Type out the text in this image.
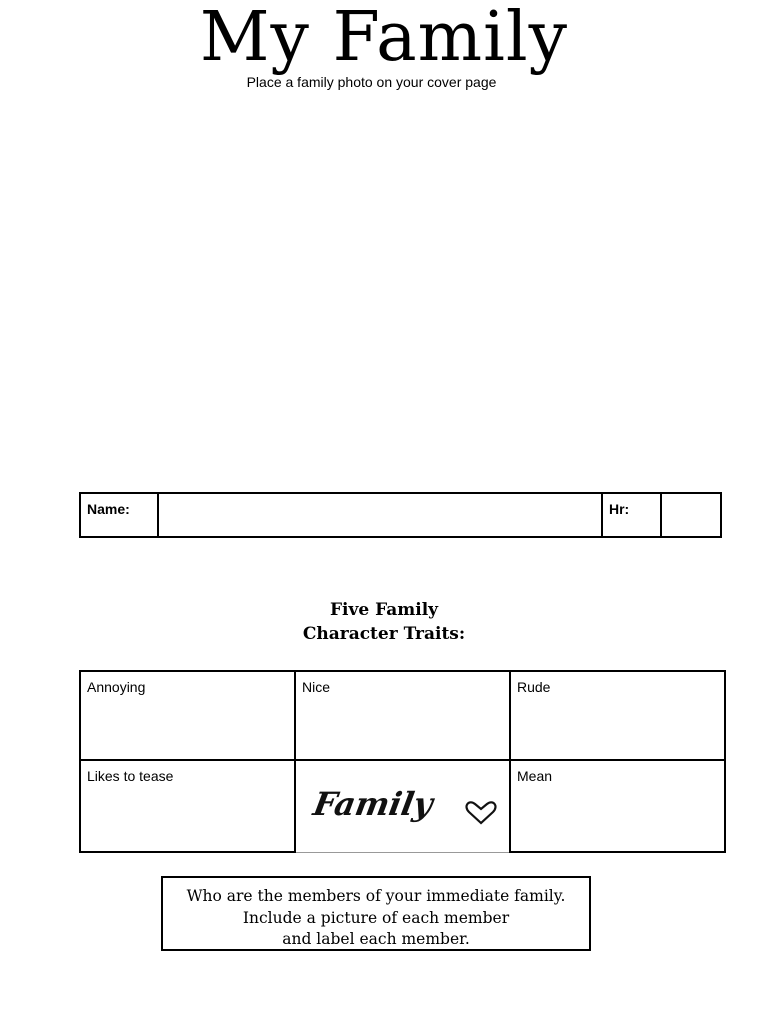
My Family
Place a family photo on your cover page
Name:		Hr:	
Five Family
Character Traits:
Annoying	Nice	Rude
Likes to tease	Family	Mean
Who are the members of your immediate family.
Include a picture of each member
and label each member.
